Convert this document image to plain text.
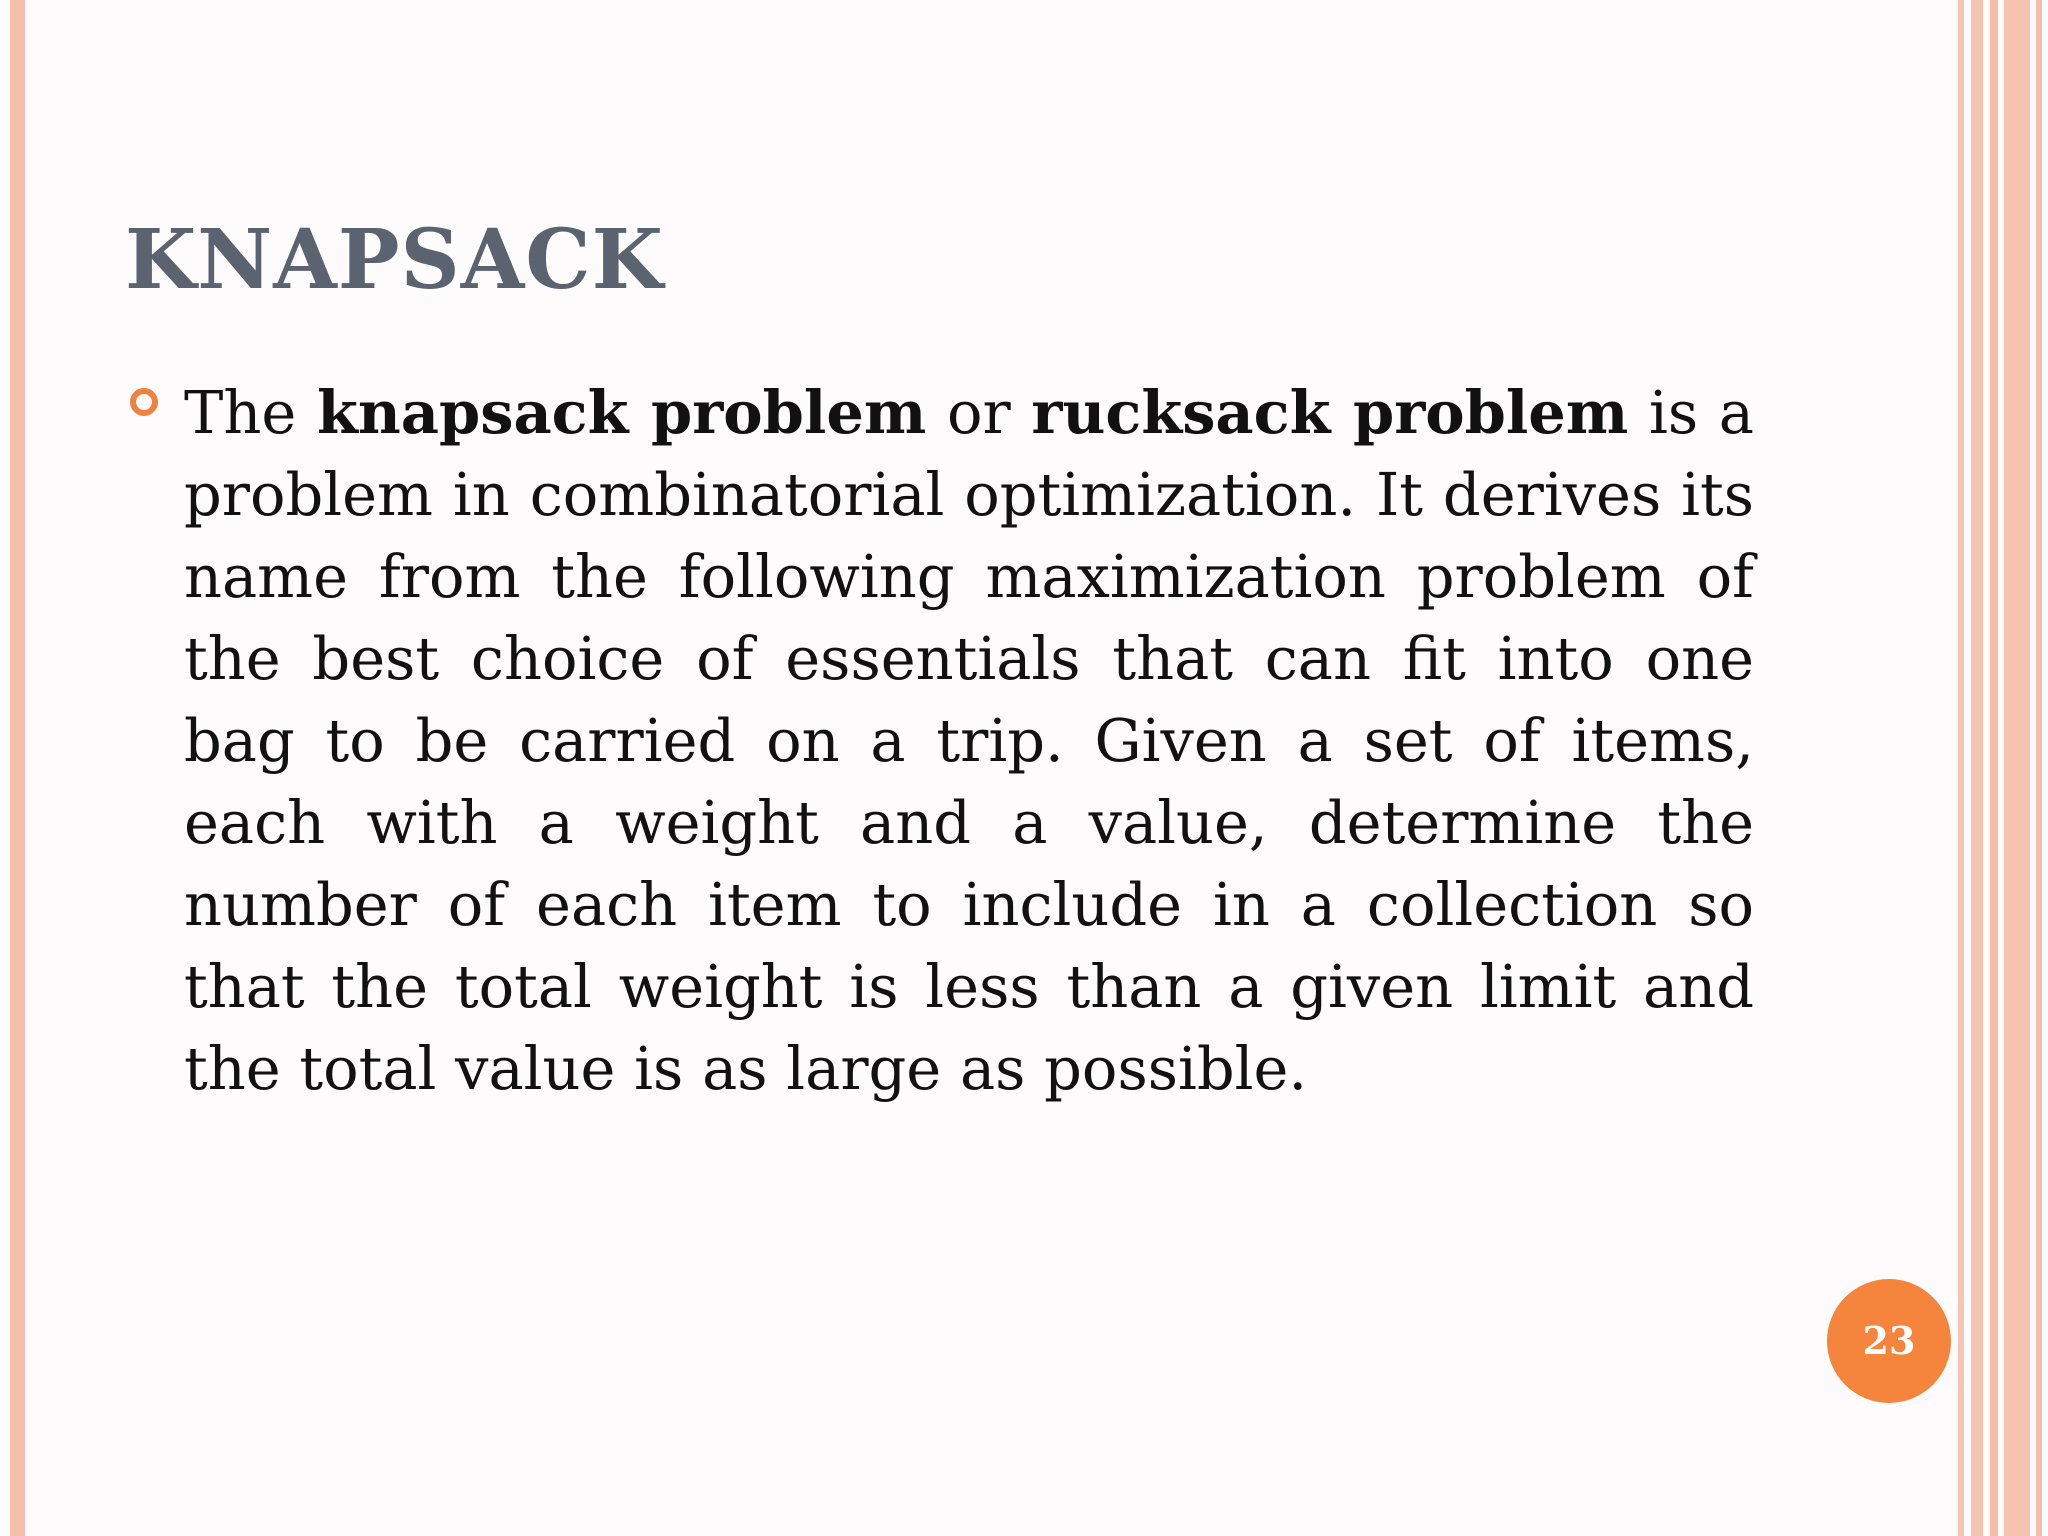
KNAPSACK

The knapsack problem or rucksack problem is a problem in combinatorial optimization. It derives its name from the following maximization problem of the best choice of essentials that can fit into one bag to be carried on a trip. Given a set of items, each with a weight and a value, determine the number of each item to include in a collection so that the total weight is less than a given limit and the total value is as large as possible.

23
